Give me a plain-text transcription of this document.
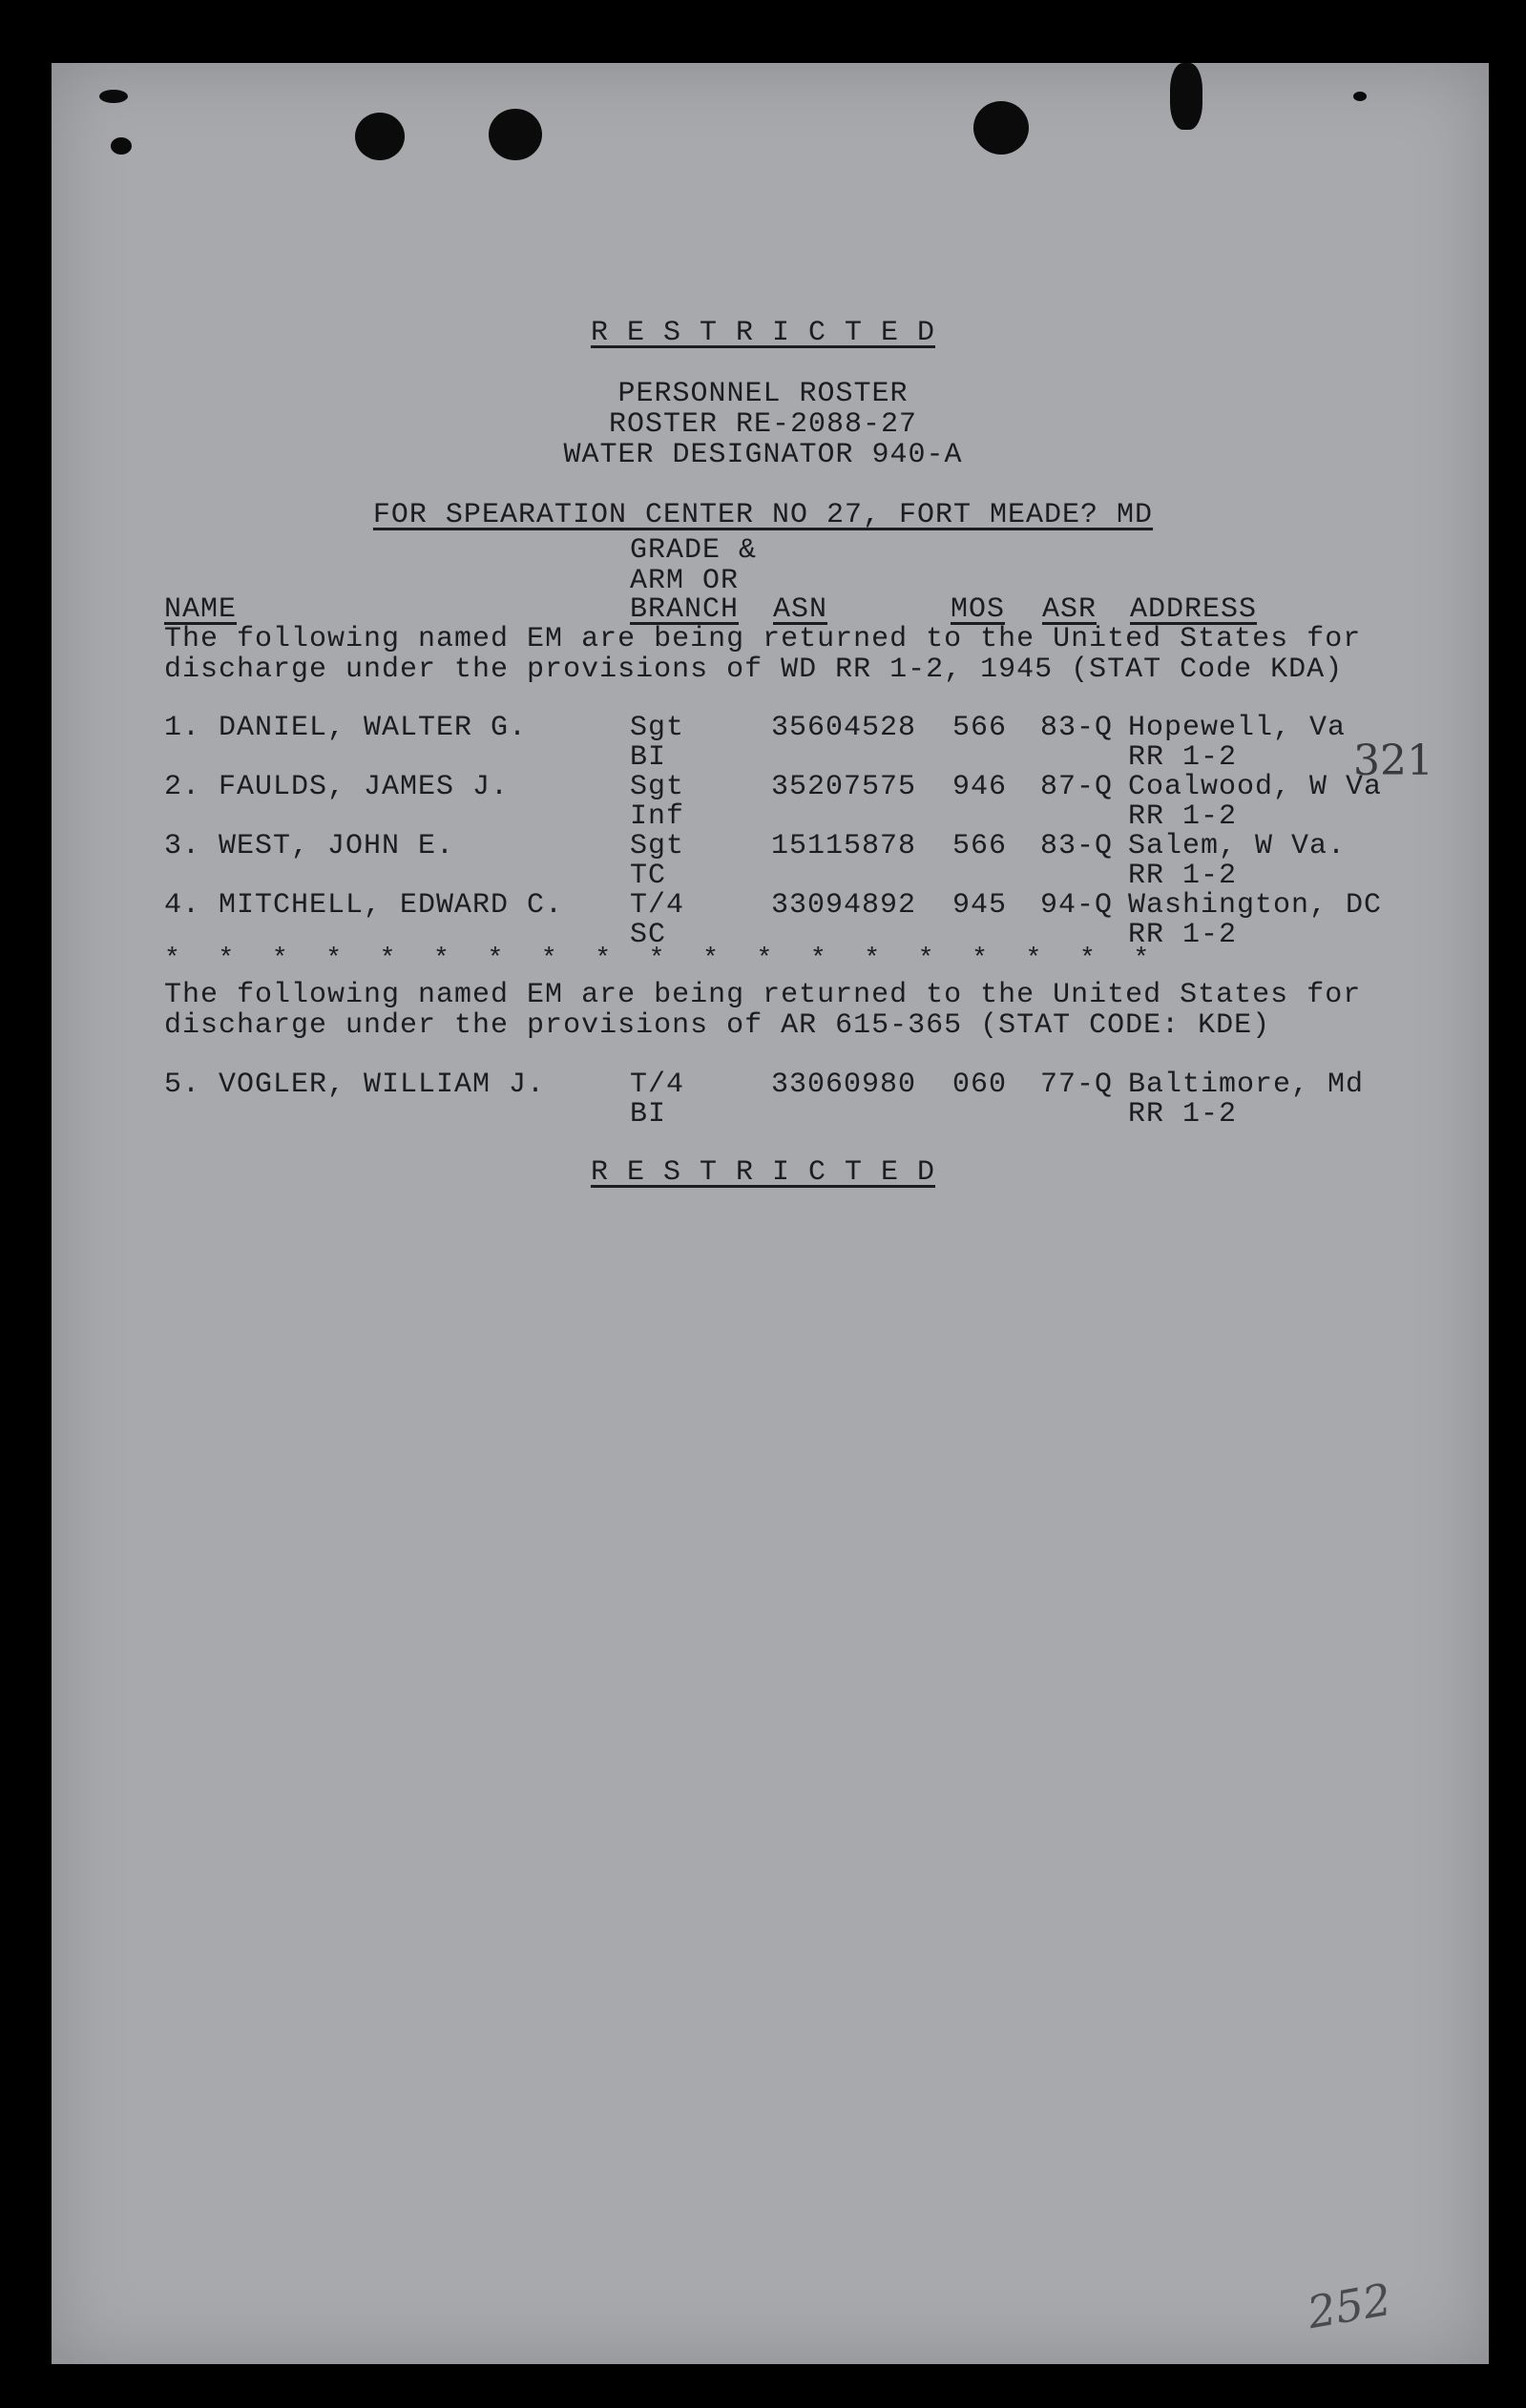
R E S T R I C T E D
PERSONNEL ROSTER
ROSTER RE-2088-27
WATER DESIGNATOR 940-A
FOR SPEARATION CENTER NO 27, FORT MEADE? MD
GRADE &
ARM OR
NAME	BRANCH ASN	MOS ASR ADDRESS
The following named EM are being returned to the United States for
discharge under the provisions of WD RR 1-2, 1945 (STAT Code KDA)
1. DANIEL, WALTER G.	Sgt	35604528 566 83-Q Hopewell, Va
BI	RR 1-2
2. FAULDS, JAMES J.	Sgt	35207575 946 87-Q Coalwood, W Va
Inf	RR 1-2
3. WEST, JOHN E.	Sgt	15115878 566 83-Q Salem, W Va.
TC	RR 1-2
4. MITCHELL, EDWARD C. T/4	33094892 945 94-Q Washington, DC
SC	RR 1-2
*  *  *  *  *  *  *  *  *  *  *  *  *  *  *  *  *  *  *
The following named EM are being returned to the United States for
discharge under the provisions of AR 615-365 (STAT CODE: KDE)
5. VOGLER, WILLIAM J.	T/4	33060980 060 77-Q Baltimore, Md
BI	RR 1-2
R E S T R I C T E D
321
252
